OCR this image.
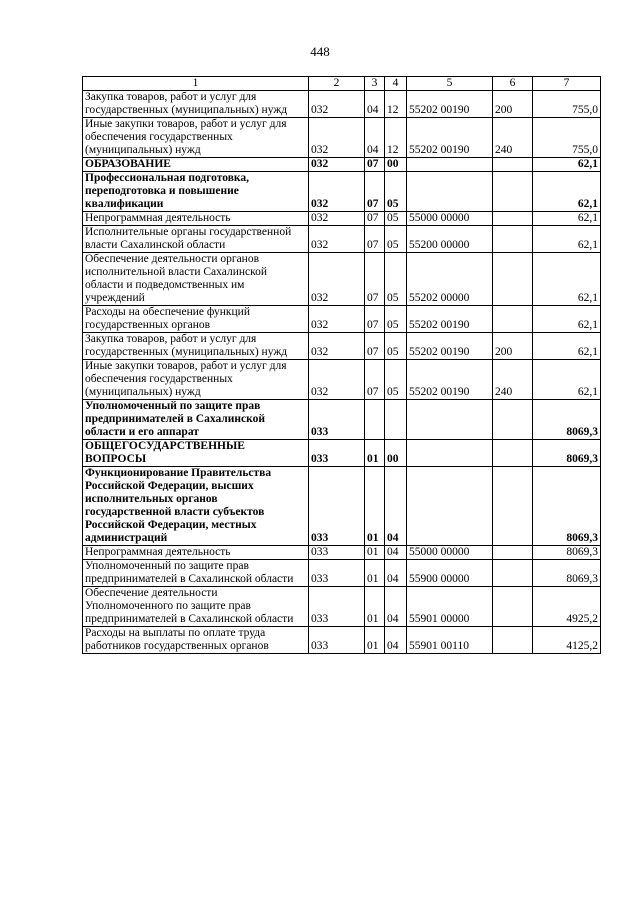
448
1	2	3	4	5	6	7
Закупка товаров, работ и услуг для государственных (муниципальных) нужд	032	04	12	55202 00190	200	755,0
Иные закупки товаров, работ и услуг для обеспечения государственных (муниципальных) нужд	032	04	12	55202 00190	240	755,0
ОБРАЗОВАНИЕ	032	07	00			62,1
Профессиональная подготовка, переподготовка и повышение квалификации	032	07	05			62,1
Непрограммная деятельность	032	07	05	55000 00000		62,1
Исполнительные органы государственной власти Сахалинской области	032	07	05	55200 00000		62,1
Обеспечение деятельности органов исполнительной власти Сахалинской области и подведомственных им учреждений	032	07	05	55202 00000		62,1
Расходы на обеспечение функций государственных органов	032	07	05	55202 00190		62,1
Закупка товаров, работ и услуг для государственных (муниципальных) нужд	032	07	05	55202 00190	200	62,1
Иные закупки товаров, работ и услуг для обеспечения государственных (муниципальных) нужд	032	07	05	55202 00190	240	62,1
Уполномоченный по защите прав предпринимателей в Сахалинской области и его аппарат	033					8069,3
ОБЩЕГОСУДАРСТВЕННЫЕ ВОПРОСЫ	033	01	00			8069,3
Функционирование Правительства Российской Федерации, высших исполнительных органов государственной власти субъектов Российской Федерации, местных администраций	033	01	04			8069,3
Непрограммная деятельность	033	01	04	55000 00000		8069,3
Уполномоченный по защите прав предпринимателей в Сахалинской области	033	01	04	55900 00000		8069,3
Обеспечение деятельности Уполномоченного по защите прав предпринимателей в Сахалинской области	033	01	04	55901 00000		4925,2
Расходы на выплаты по оплате труда работников государственных органов	033	01	04	55901 00110		4125,2
